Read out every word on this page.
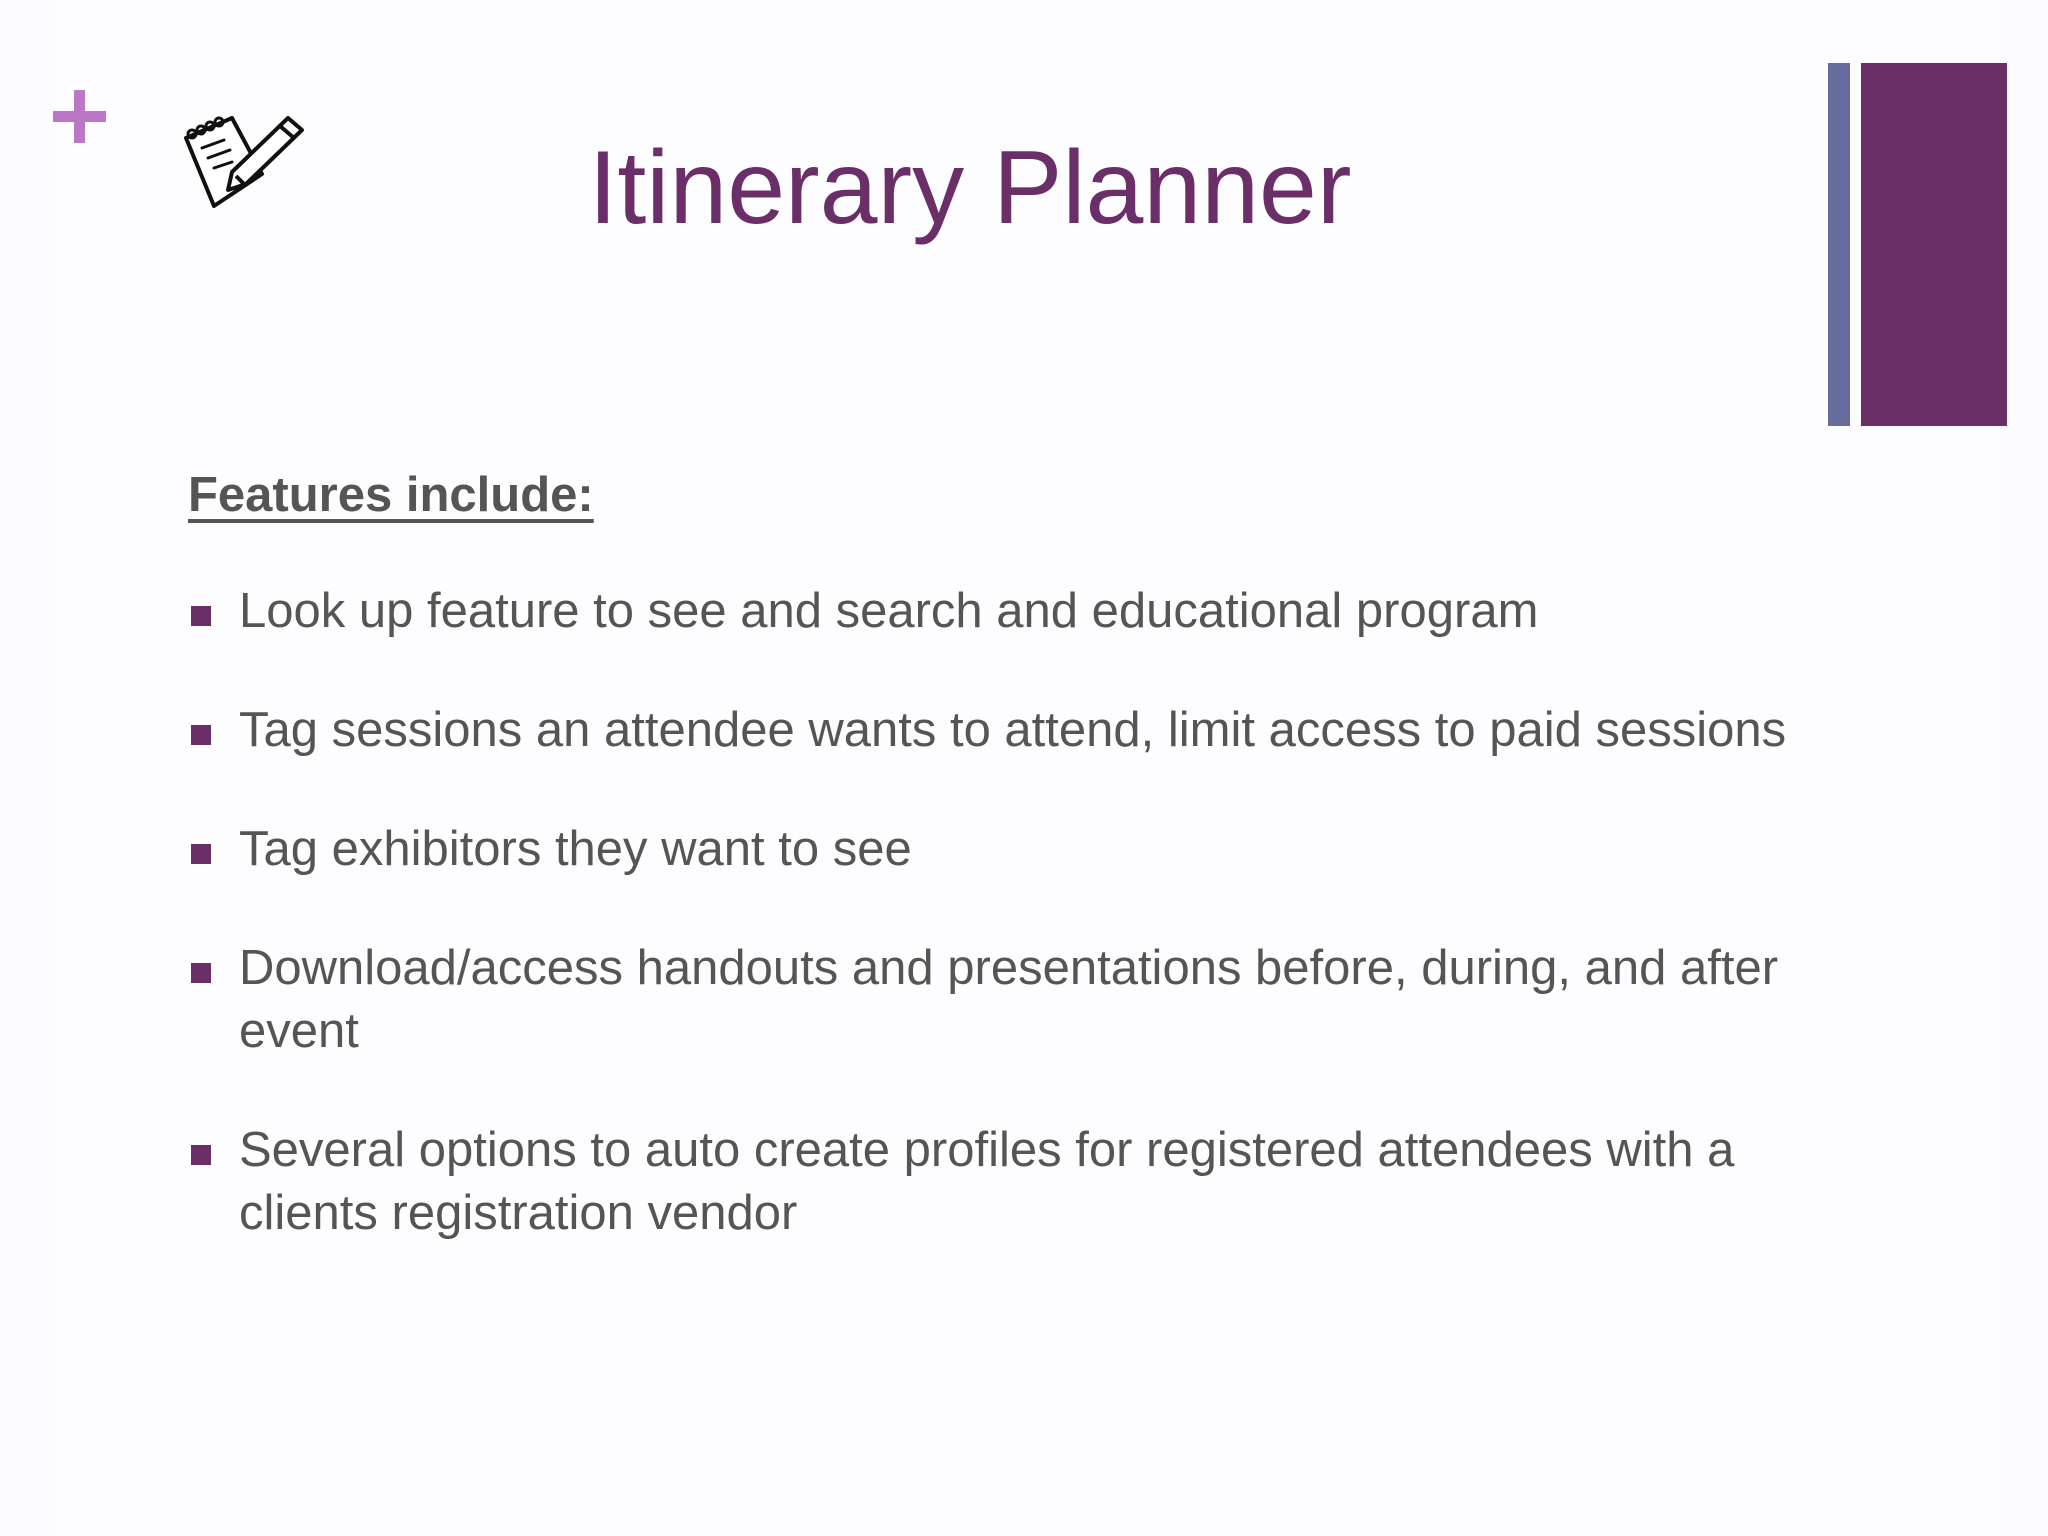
Itinerary Planner
Features include:
Look up feature to see and search and educational program
Tag sessions an attendee wants to attend, limit access to paid sessions
Tag exhibitors they want to see
Download/access handouts and presentations before, during, and after event
Several options to auto create profiles for registered attendees with a clients registration vendor
